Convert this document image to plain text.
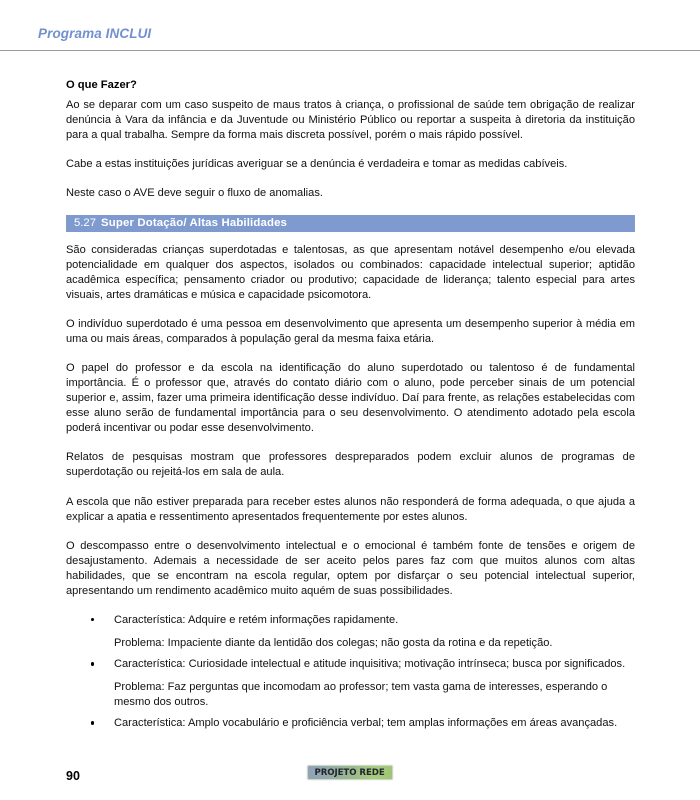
Programa INCLUI
O que Fazer?

Ao se deparar com um caso suspeito de maus tratos à criança, o profissional de saúde tem obrigação de realizar denúncia à Vara da infância e da Juventude ou Ministério Público ou reportar a suspeita à diretoria da instituição para a qual trabalha. Sempre da forma mais discreta possível, porém o mais rápido possível.

Cabe a estas instituições jurídicas averiguar se a denúncia é verdadeira e tomar as medidas cabíveis.

Neste caso o AVE deve seguir o fluxo de anomalias.

5.27 Super Dotação/ Altas Habilidades

São consideradas crianças superdotadas e talentosas, as que apresentam notável desempenho e/ou elevada potencialidade em qualquer dos aspectos, isolados ou combinados: capacidade intelectual superior; aptidão acadêmica específica; pensamento criador ou produtivo; capacidade de liderança; talento especial para artes visuais, artes dramáticas e música e capacidade psicomotora.

O indivíduo superdotado é uma pessoa em desenvolvimento que apresenta um desempenho superior à média em uma ou mais áreas, comparados à população geral da mesma faixa etária.

O papel do professor e da escola na identificação do aluno superdotado ou talentoso é de fundamental importância. É o professor que, através do contato diário com o aluno, pode perceber sinais de um potencial superior e, assim, fazer uma primeira identificação desse indivíduo. Daí para frente, as relações estabelecidas com esse aluno serão de fundamental importância para o seu desenvolvimento. O atendimento adotado pela escola poderá incentivar ou podar esse desenvolvimento.

Relatos de pesquisas mostram que professores despreparados podem excluir alunos de programas de superdotação ou rejeitá-los em sala de aula.

A escola que não estiver preparada para receber estes alunos não responderá de forma adequada, o que ajuda a explicar a apatia e ressentimento apresentados frequentemente por estes alunos.

O descompasso entre o desenvolvimento intelectual e o emocional é também fonte de tensões e origem de desajustamento. Ademais a necessidade de ser aceito pelos pares faz com que muitos alunos com altas habilidades, que se encontram na escola regular, optem por disfarçar o seu potencial intelectual superior, apresentando um rendimento acadêmico muito aquém de suas possibilidades.

Característica: Adquire e retém informações rapidamente.

Problema: Impaciente diante da lentidão dos colegas; não gosta da rotina e da repetição.

Característica: Curiosidade intelectual e atitude inquisitiva; motivação intrínseca; busca por significados.

Problema: Faz perguntas que incomodam ao professor; tem vasta gama de interesses, esperando o mesmo dos outros.

Característica: Amplo vocabulário e proficiência verbal; tem amplas informações em áreas avançadas.

90	PROJETO REDE
